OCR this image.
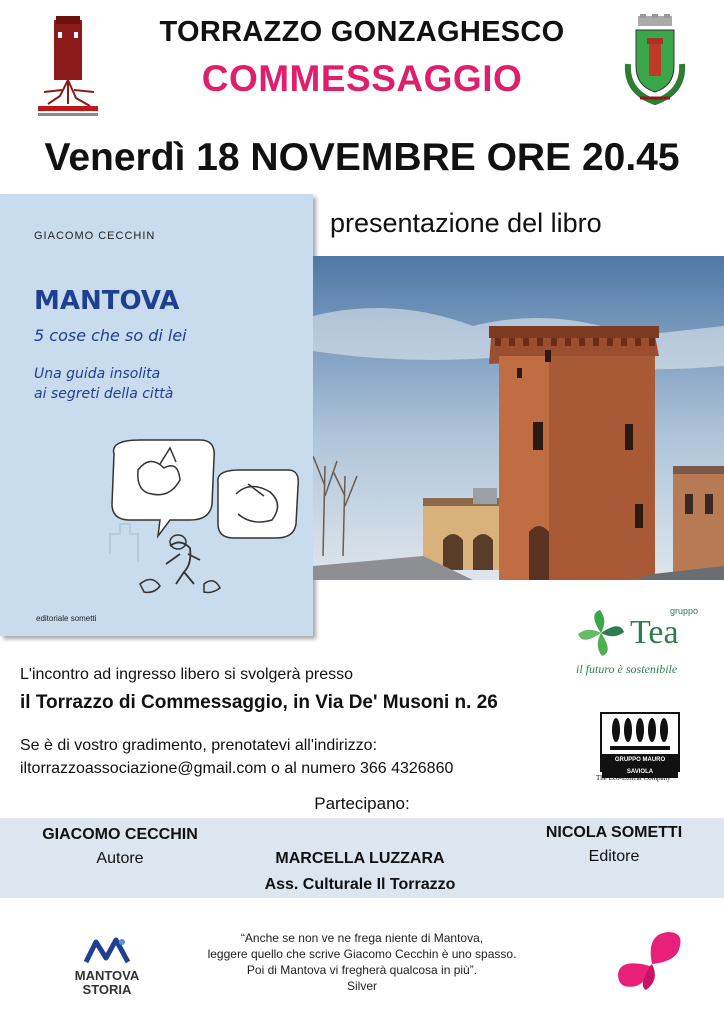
TORRAZZO GONZAGHESCO
COMMESSAGGIO
Venerdì 18 NOVEMBRE ORE 20.45
presentazione del libro
GIACOMO CECCHIN
MANTOVA
5 cose che so di lei
Una guida insolita
ai segreti della città
editoriale sometti
gruppo
Tea
il futuro è sostenibile
L'incontro ad ingresso libero si svolgerà presso
il Torrazzo di Commessaggio, in Via De' Musoni n. 26
Se è di vostro gradimento, prenotatevi all'indirizzo:
iltorrazzoassociazione@gmail.com o al numero 366 4326860	GRUPPO MAURO SAVIOLA
The Eco-Ethical Company
Partecipano:
GIACOMO CECCHIN
Autore	MARCELLA LUZZARA
Ass. Culturale Il Torrazzo
NICOLA SOMETTI
Editore
MANTOVA
STORIA
“Anche se non ve ne frega niente di Mantova,
leggere quello che scrive Giacomo Cecchin è uno spasso.
Poi di Mantova vi fregherà qualcosa in più”.
Silver
